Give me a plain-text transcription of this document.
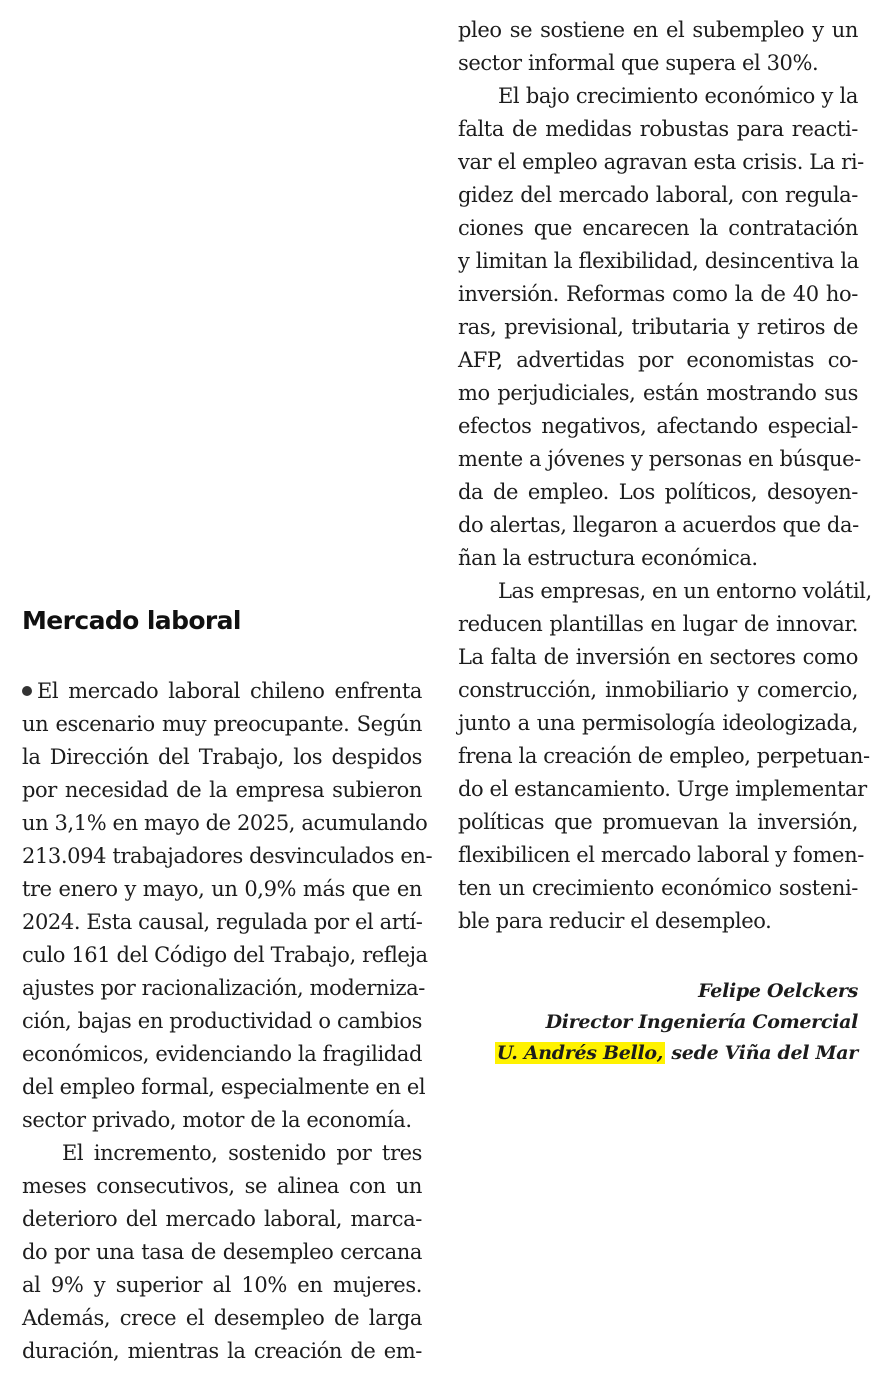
Mercado laboral
El mercado laboral chileno enfrenta
un escenario muy preocupante. Según
la Dirección del Trabajo, los despidos
por necesidad de la empresa subieron
un 3,1% en mayo de 2025, acumulando
213.094 trabajadores desvinculados en-
tre enero y mayo, un 0,9% más que en
2024. Esta causal, regulada por el artí-
culo 161 del Código del Trabajo, refleja
ajustes por racionalización, moderniza-
ción, bajas en productividad o cambios
económicos, evidenciando la fragilidad
del empleo formal, especialmente en el
sector privado, motor de la economía.
El incremento, sostenido por tres
meses consecutivos, se alinea con un
deterioro del mercado laboral, marca-
do por una tasa de desempleo cercana
al 9% y superior al 10% en mujeres.
Además, crece el desempleo de larga
duración, mientras la creación de em-
pleo se sostiene en el subempleo y un
sector informal que supera el 30%.
El bajo crecimiento económico y la
falta de medidas robustas para reacti-
var el empleo agravan esta crisis. La ri-
gidez del mercado laboral, con regula-
ciones que encarecen la contratación
y limitan la flexibilidad, desincentiva la
inversión. Reformas como la de 40 ho-
ras, previsional, tributaria y retiros de
AFP, advertidas por economistas co-
mo perjudiciales, están mostrando sus
efectos negativos, afectando especial-
mente a jóvenes y personas en búsque-
da de empleo. Los políticos, desoyen-
do alertas, llegaron a acuerdos que da-
ñan la estructura económica.
Las empresas, en un entorno volátil,
reducen plantillas en lugar de innovar.
La falta de inversión en sectores como
construcción, inmobiliario y comercio,
junto a una permisología ideologizada,
frena la creación de empleo, perpetuan-
do el estancamiento. Urge implementar
políticas que promuevan la inversión,
flexibilicen el mercado laboral y fomen-
ten un crecimiento económico sosteni-
ble para reducir el desempleo.
Felipe Oelckers
Director Ingeniería Comercial
U. Andrés Bello, sede Viña del Mar
